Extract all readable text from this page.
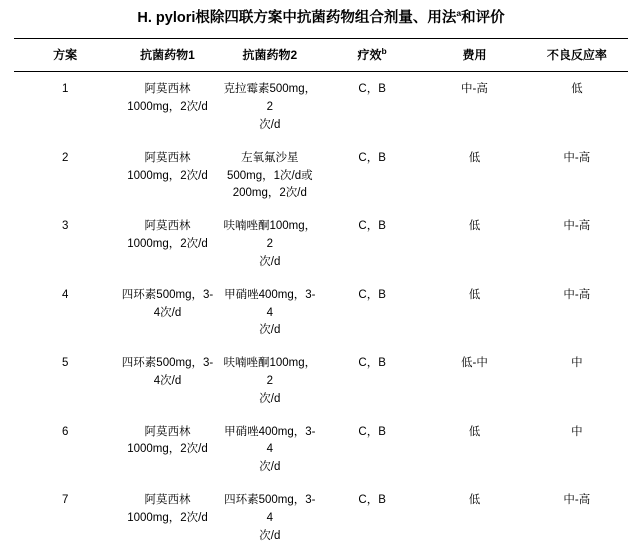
H. pylori根除四联方案中抗菌药物组合剂量、用法$^a$和评价
方案	抗菌药物1	抗菌药物2	疗效$^b$	费用	不良反应率
1	阿莫西林1000mg，2次/d	克拉霉素500mg，2
次/d	C，B	中-高	低
2	阿莫西林1000mg，2次/d	左氧氟沙星
500mg，1次/d或
200mg，2次/d	C，B	低	中-高
3	阿莫西林1000mg，2次/d	呋喃唑酮100mg，2
次/d	C，B	低	中-高
4	四环素500mg，3-4次/d	甲硝唑400mg，3-4
次/d	C，B	低	中-高
5	四环素500mg，3-4次/d	呋喃唑酮100mg，2
次/d	C，B	低-中	中
6	阿莫西林1000mg，2次/d	甲硝唑400mg，3-4
次/d	C，B	低	中
7	阿莫西林1000mg，2次/d	四环素500mg，3-4
次/d	C，B	低	中-高
